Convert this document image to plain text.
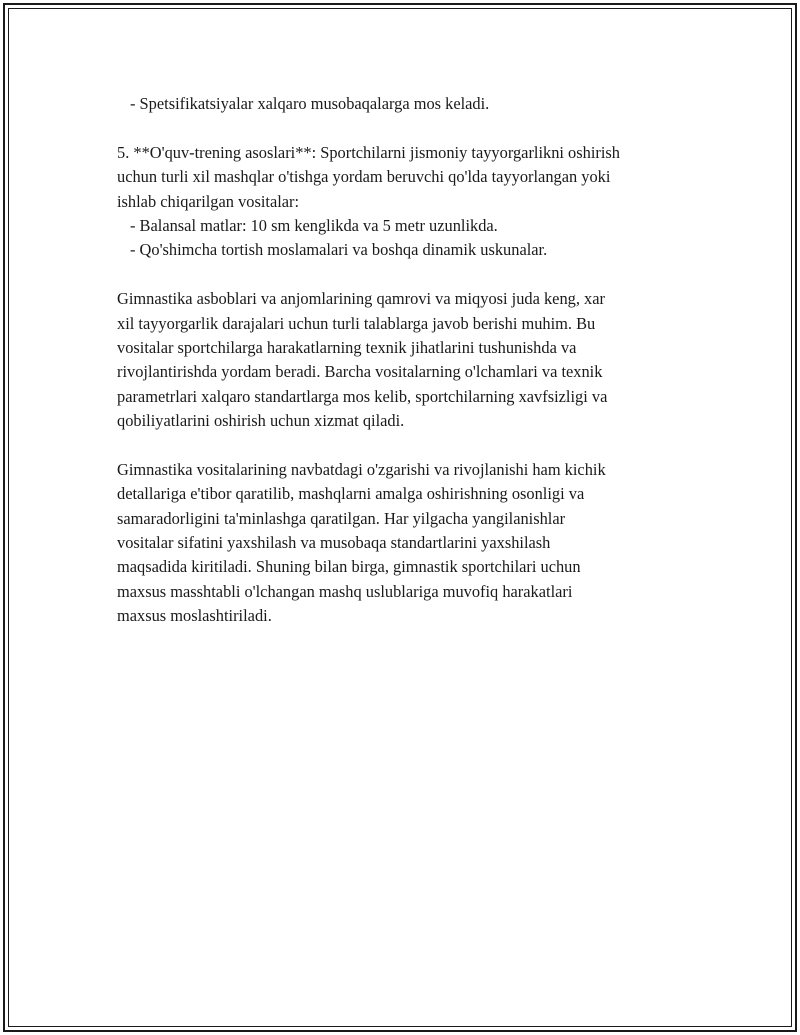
- Spetsifikatsiyalar xalqaro musobaqalarga mos keladi.

5. **O'quv-trening asoslari**: Sportchilarni jismoniy tayyorgarlikni oshirish

uchun turli xil mashqlar o'tishga yordam beruvchi qo'lda tayyorlangan yoki

ishlab chiqarilgan vositalar:

- Balansal matlar: 10 sm kenglikda va 5 metr uzunlikda.

- Qo'shimcha tortish moslamalari va boshqa dinamik uskunalar.

Gimnastika asboblari va anjomlarining qamrovi va miqyosi juda keng, xar

xil tayyorgarlik darajalari uchun turli talablarga javob berishi muhim. Bu

vositalar sportchilarga harakatlarning texnik jihatlarini tushunishda va

rivojlantirishda yordam beradi. Barcha vositalarning o'lchamlari va texnik

parametrlari xalqaro standartlarga mos kelib, sportchilarning xavfsizligi va

qobiliyatlarini oshirish uchun xizmat qiladi.

Gimnastika vositalarining navbatdagi o'zgarishi va rivojlanishi ham kichik

detallariga e'tibor qaratilib, mashqlarni amalga oshirishning osonligi va

samaradorligini ta'minlashga qaratilgan. Har yilgacha yangilanishlar

vositalar sifatini yaxshilash va musobaqa standartlarini yaxshilash

maqsadida kiritiladi. Shuning bilan birga, gimnastik sportchilari uchun

maxsus masshtabli o'lchangan mashq uslublariga muvofiq harakatlari

maxsus moslashtiriladi.
